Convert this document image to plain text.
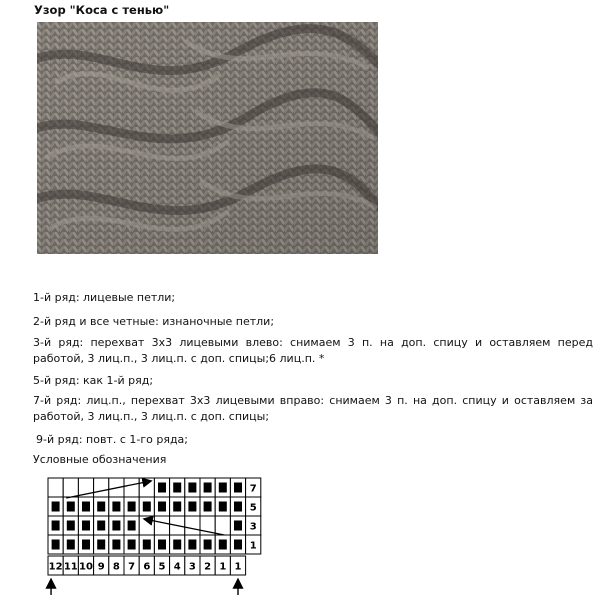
Узор "Коса с тенью"
1-й ряд: лицевые петли;
2-й ряд и все четные: изнаночные петли;
3-й ряд: перехват 3х3 лицевыми влево: снимаем 3 п. на доп. спицу и оставляем перед работой, 3 лиц.п., 3 лиц.п. с доп. спицы;6 лиц.п. *
5-й ряд: как 1-й ряд;
7-й ряд: лиц.п., перехват 3х3 лицевыми вправо: снимаем 3 п. на доп. спицу и оставляем за работой, 3 лиц.п., 3 лиц.п. с доп. спицы;
9-й ряд: повт. с 1-го ряда;
Условные обозначения
7
5
3
1
12 11 10 9 8 7 6 5 4 3 2 1 1
